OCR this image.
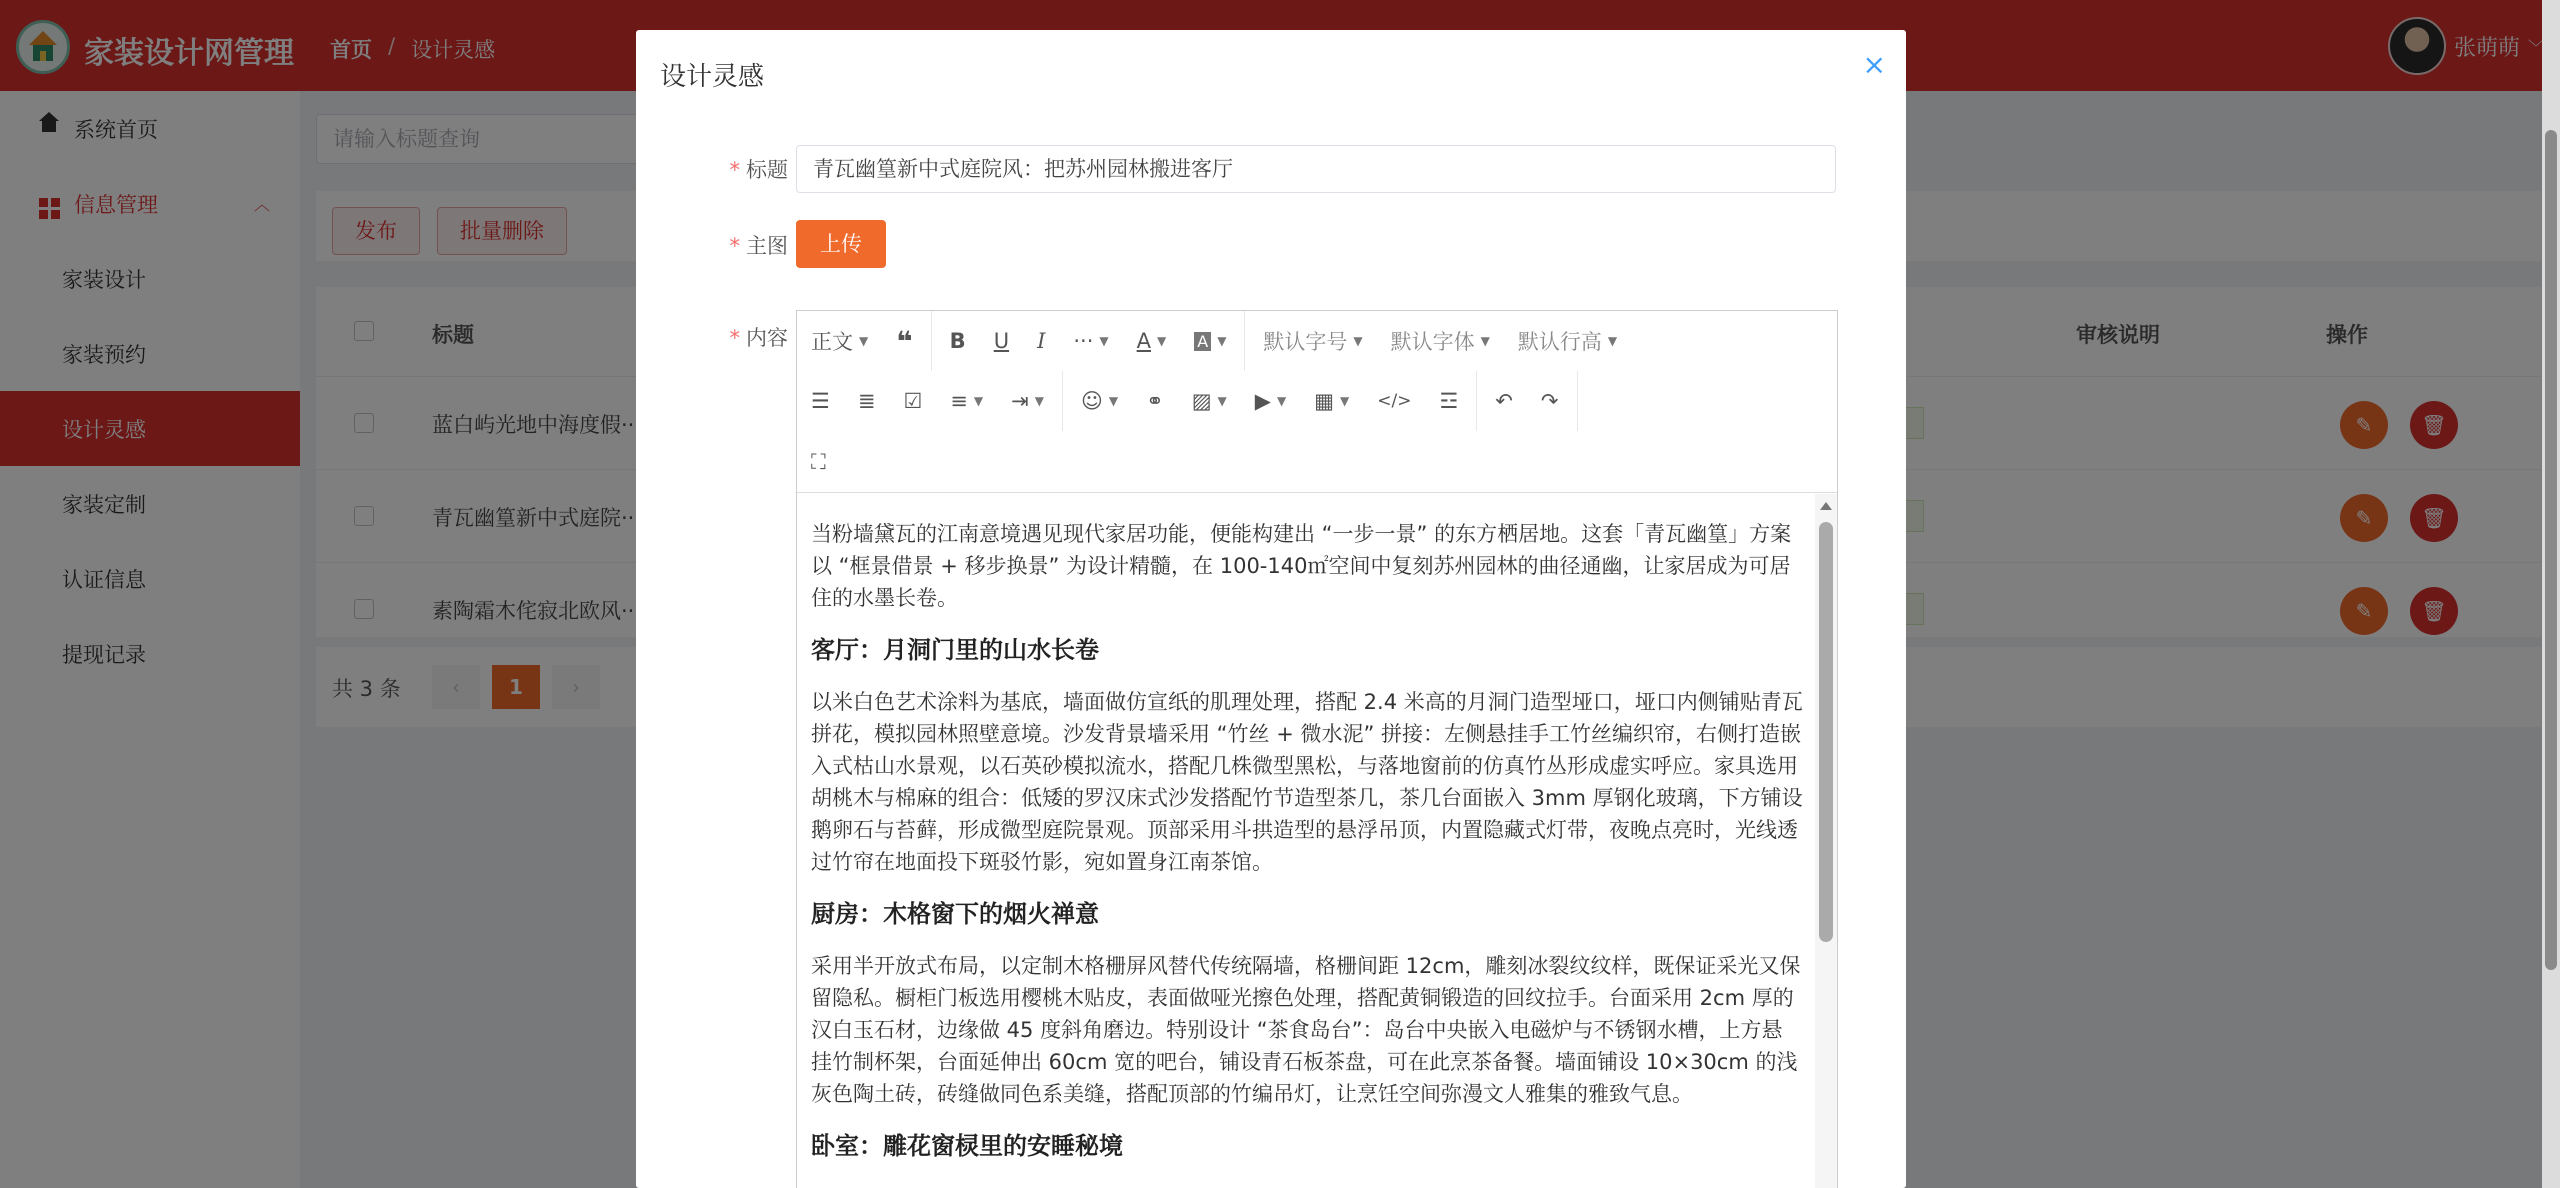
设计灵感	×
* 标题	青瓦幽篁新中式庭院风：把苏州园林搬进客厅
* 主图	上传
* 内容 正文 ▼	❝	B	U	I	··· ▼ A ▼ A ▼ 默认字号 ▼ 默认字体 ▼ 默认行高 ▼
☰	≣	☑	≡ ▼	⇥ ▼	☺ ▼	⚭	▨ ▼	▶ ▼	▦ ▼	</>	☲	↶	↷
⛶

当粉墙黛瓦的江南意境遇见现代家居功能，便能构建出 “一步一景” 的东方栖居地。这套「青瓦幽篁」方案以 “框景借景 + 移步换景” 为设计精髓，在 100-140㎡空间中复刻苏州园林的曲径通幽，让家居成为可居住的水墨长卷。

客厅：月洞门里的山水长卷

以米白色艺术涂料为基底，墙面做仿宣纸的肌理处理，搭配 2.4 米高的月洞门造型垭口，垭口内侧铺贴青瓦拼花，模拟园林照壁意境。沙发背景墙采用 “竹丝 + 微水泥” 拼接：左侧悬挂手工竹丝编织帘，右侧打造嵌入式枯山水景观，以石英砂模拟流水，搭配几株微型黑松，与落地窗前的仿真竹丛形成虚实呼应。家具选用胡桃木与棉麻的组合：低矮的罗汉床式沙发搭配竹节造型茶几，茶几台面嵌入 3mm 厚钢化玻璃，下方铺设鹅卵石与苔藓，形成微型庭院景观。顶部采用斗拱造型的悬浮吊顶，内置隐藏式灯带，夜晚点亮时，光线透过竹帘在地面投下斑驳竹影，宛如置身江南茶馆。

厨房：木格窗下的烟火禅意

采用半开放式布局，以定制木格栅屏风替代传统隔墙，格栅间距 12cm，雕刻冰裂纹纹样，既保证采光又保留隐私。橱柜门板选用樱桃木贴皮，表面做哑光擦色处理，搭配黄铜锻造的回纹拉手。台面采用 2cm 厚的汉白玉石材，边缘做 45 度斜角磨边。特别设计 “茶食岛台”：岛台中央嵌入电磁炉与不锈钢水槽，上方悬挂竹制杯架，台面延伸出 60cm 宽的吧台，铺设青石板茶盘，可在此烹茶备餐。墙面铺设 10×30cm 的浅灰色陶土砖，砖缝做同色系美缝，搭配顶部的竹编吊灯，让烹饪空间弥漫文人雅集的雅致气息。

卧室：雕花窗棂里的安睡秘境
